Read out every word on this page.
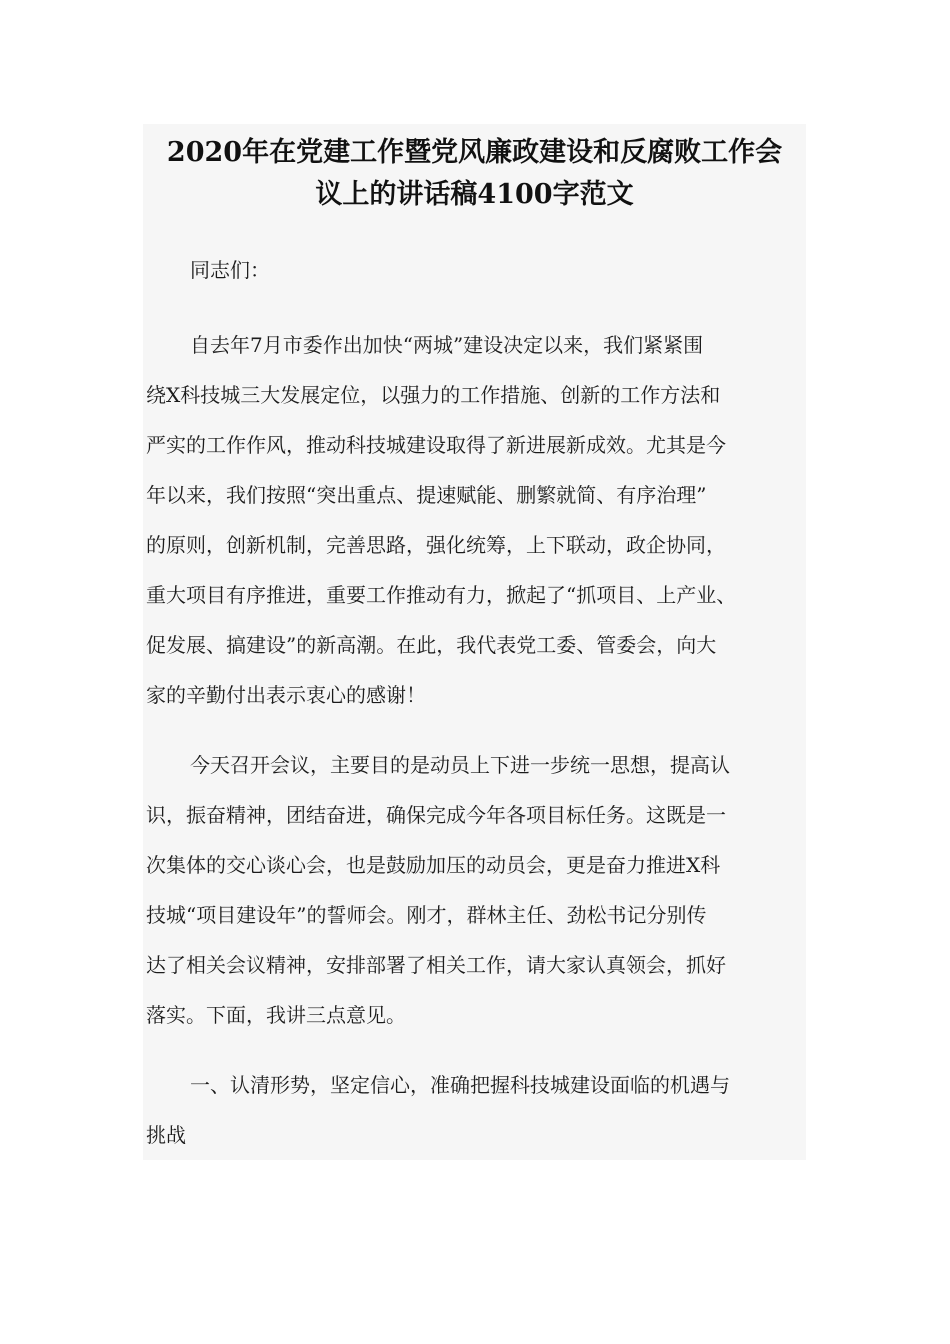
2020年在党建工作暨党风廉政建设和反腐败工作会
议上的讲话稿4100字范文
同志们：
自去年7月市委作出加快“两城”建设决定以来，我们紧紧围
绕X科技城三大发展定位，以强力的工作措施、创新的工作方法和
严实的工作作风，推动科技城建设取得了新进展新成效。尤其是今
年以来，我们按照“突出重点、提速赋能、删繁就简、有序治理”
的原则，创新机制，完善思路，强化统筹，上下联动，政企协同，
重大项目有序推进，重要工作推动有力，掀起了“抓项目、上产业、
促发展、搞建设”的新高潮。在此，我代表党工委、管委会，向大
家的辛勤付出表示衷心的感谢！
今天召开会议，主要目的是动员上下进一步统一思想，提高认
识，振奋精神，团结奋进，确保完成今年各项目标任务。这既是一
次集体的交心谈心会，也是鼓励加压的动员会，更是奋力推进X科
技城“项目建设年”的誓师会。刚才，群林主任、劲松书记分别传
达了相关会议精神，安排部署了相关工作，请大家认真领会，抓好
落实。下面，我讲三点意见。
一、认清形势，坚定信心，准确把握科技城建设面临的机遇与
挑战
